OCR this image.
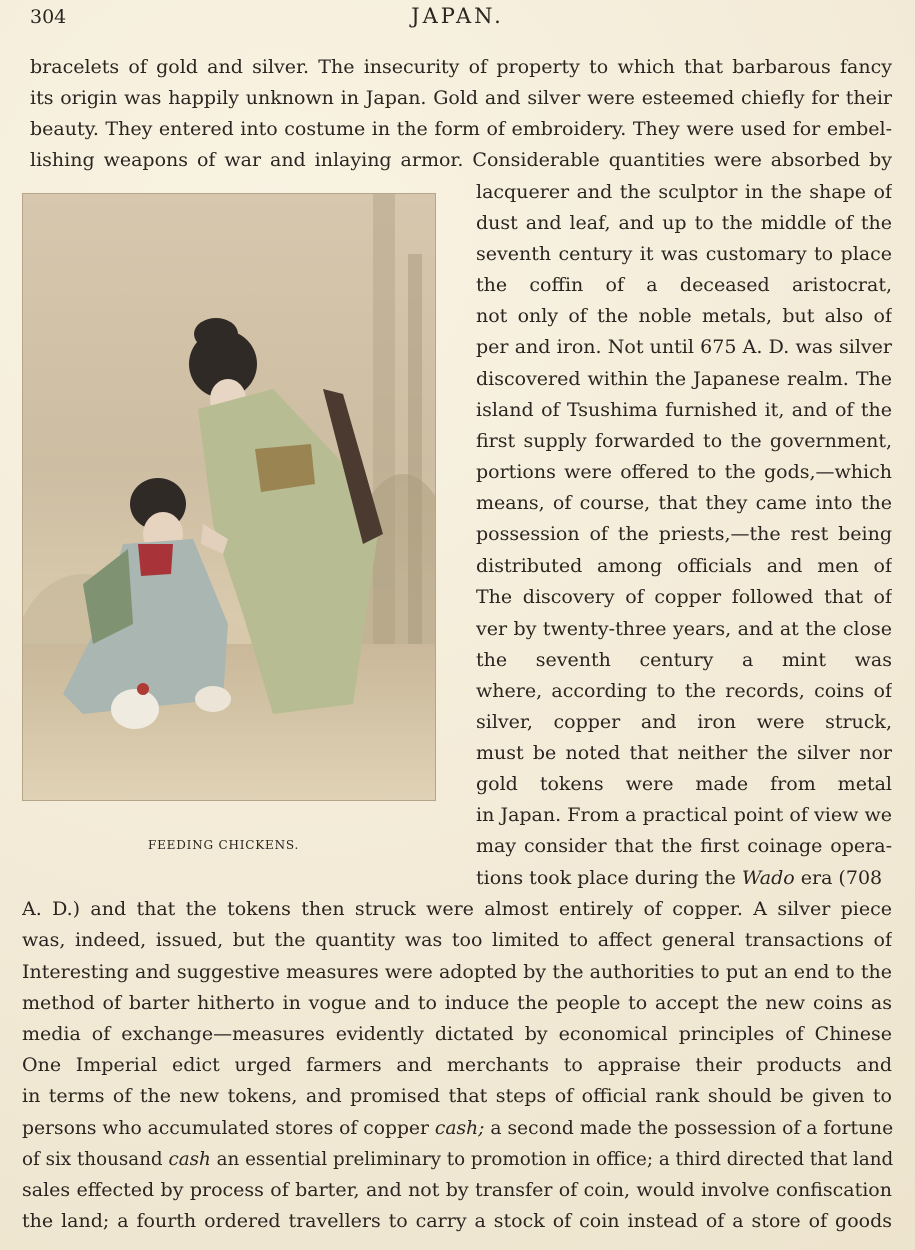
304	JAPAN.
bracelets of gold and silver. The insecurity of property to which that barbarous fancy
its origin was happily unknown in Japan. Gold and silver were esteemed chiefly for their
beauty. They entered into costume in the form of embroidery. They were used for embel-
lishing weapons of war and inlaying armor. Considerable quantities were absorbed by
FEEDING CHICKENS.
lacquerer and the sculptor in the shape of
dust and leaf, and up to the middle of the
seventh century it was customary to place
the coffin of a deceased aristocrat,
not only of the noble metals, but also of
per and iron. Not until 675 A. D. was silver
discovered within the Japanese realm. The
island of Tsushima furnished it, and of the
first supply forwarded to the government,
portions were offered to the gods,—which
means, of course, that they came into the
possession of the priests,—the rest being
distributed among officials and men of
The discovery of copper followed that of
ver by twenty-three years, and at the close
the seventh century a mint was
where, according to the records, coins of
silver, copper and iron were struck,
must be noted that neither the silver nor
gold tokens were made from metal
in Japan. From a practical point of view we
may consider that the first coinage opera-
tions took place during the Wado era (708
A. D.) and that the tokens then struck were almost entirely of copper. A silver piece
was, indeed, issued, but the quantity was too limited to affect general transactions of
Interesting and suggestive measures were adopted by the authorities to put an end to the
method of barter hitherto in vogue and to induce the people to accept the new coins as
media of exchange—measures evidently dictated by economical principles of Chinese
One Imperial edict urged farmers and merchants to appraise their products and
in terms of the new tokens, and promised that steps of official rank should be given to
persons who accumulated stores of copper cash; a second made the possession of a fortune
of six thousand cash an essential preliminary to promotion in office; a third directed that land
sales effected by process of barter, and not by transfer of coin, would involve confiscation
the land; a fourth ordered travellers to carry a stock of coin instead of a store of goods
